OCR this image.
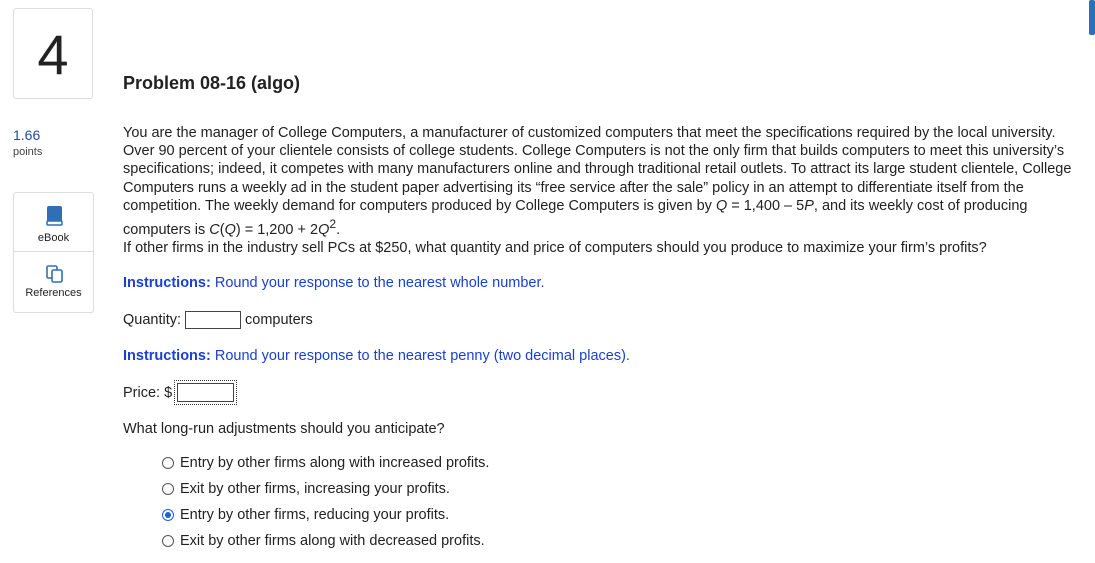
4
1.66
points
eBook
References
Problem 08-16 (algo)

You are the manager of College Computers, a manufacturer of customized computers that meet the specifications required by the local university. Over 90 percent of your clientele consists of college students. College Computers is not the only firm that builds computers to meet this university’s specifications; indeed, it competes with many manufacturers online and through traditional retail outlets. To attract its large student clientele, College Computers runs a weekly ad in the student paper advertising its “free service after the sale” policy in an attempt to differentiate itself from the competition. The weekly demand for computers produced by College Computers is given by Q = 1,400 – 5P, and its weekly cost of producing computers is $C(Q) = 1,200 + 2Q^2$.

If other firms in the industry sell PCs at $250, what quantity and price of computers should you produce to maximize your firm’s profits?

Instructions: Round your response to the nearest whole number.
Quantity:	computers
Instructions: Round your response to the nearest penny (two decimal places).
Price: $
What long-run adjustments should you anticipate?
Entry by other firms along with increased profits.
Exit by other firms, increasing your profits.
Entry by other firms, reducing your profits.
Exit by other firms along with decreased profits.
